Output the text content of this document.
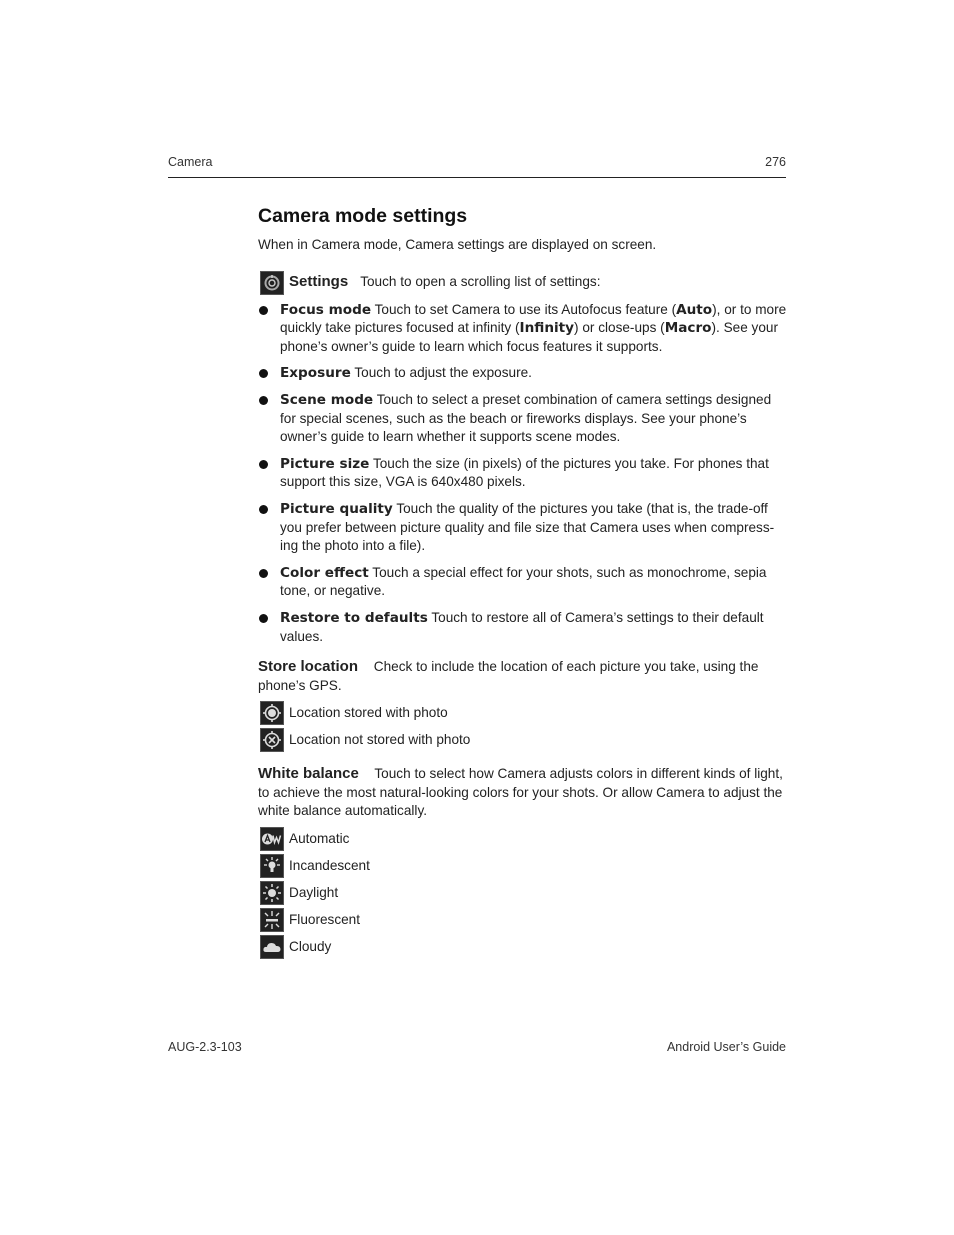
Camera	276
Camera mode settings

When in Camera mode, Camera settings are displayed on screen.

Settings Touch to open a scrolling list of settings:
Focus mode Touch to set Camera to use its Autofocus feature (Auto), or to more quickly take pictures focused at infinity (Infinity) or close-ups (Macro). See your phone’s owner’s guide to learn which focus features it supports.
Exposure Touch to adjust the exposure.
Scene mode Touch to select a preset combination of camera settings designed for special scenes, such as the beach or fireworks displays. See your phone’s owner’s guide to learn whether it supports scene modes.
Picture size Touch the size (in pixels) of the pictures you take. For phones that support this size, VGA is 640x480 pixels.
Picture quality Touch the quality of the pictures you take (that is, the trade-off you prefer between picture quality and file size that Camera uses when compress-ing the photo into a file).
Color effect Touch a special effect for your shots, such as monochrome, sepia tone, or negative.
Restore to defaults Touch to restore all of Camera’s settings to their default values.
Store location Check to include the location of each picture you take, using the phone’s GPS.
Location stored with photo
Location not stored with photo
White balance Touch to select how Camera adjusts colors in different kinds of light, to achieve the most natural-looking colors for your shots. Or allow Camera to adjust the white balance automatically.
Automatic
Incandescent
Daylight
Fluorescent
Cloudy
AUG-2.3-103	Android User’s Guide
